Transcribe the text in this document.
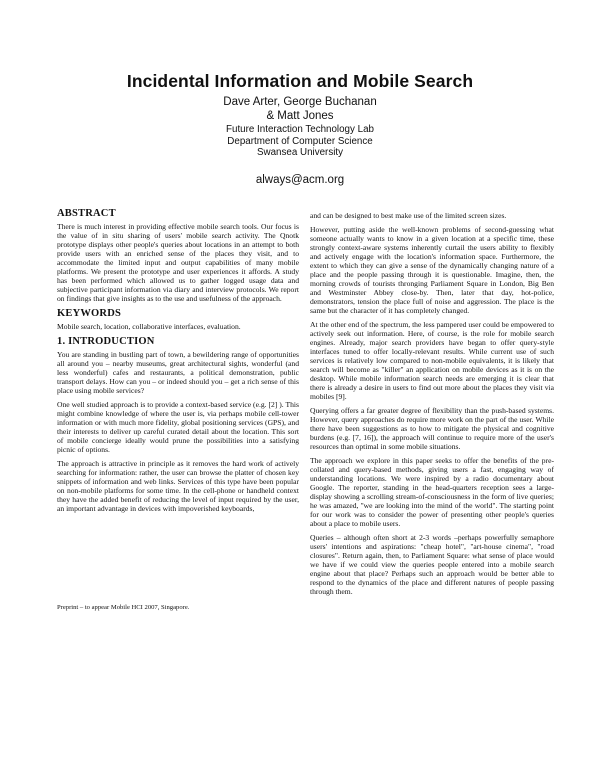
Incidental Information and Mobile Search
Dave Arter, George Buchanan
& Matt Jones
Future Interaction Technology Lab
Department of Computer Science
Swansea University
always@acm.org
ABSTRACT

There is much interest in providing effective mobile search tools. Our focus is the value of in situ sharing of users' mobile search activity. The Qnotk prototype displays other people's queries about locations in an attempt to both provide users with an enriched sense of the places they visit, and to accommodate the limited input and output capabilities of many mobile platforms. We present the prototype and user experiences it affords. A study has been performed which allowed us to gather logged usage data and subjective participant information via diary and interview protocols. We report on findings that give insights as to the use and usefulness of the approach.

KEYWORDS

Mobile search, location, collaborative interfaces, evaluation.

1. INTRODUCTION

You are standing in bustling part of town, a bewildering range of opportunities all around you – nearby museums, great architectural sights, wonderful (and less wonderful) cafes and restaurants, a political demonstration, public transport delays. How can you – or indeed should you – get a rich sense of this place using mobile services?

One well studied approach is to provide a context-based service (e.g. [2] ). This might combine knowledge of where the user is, via perhaps mobile cell-tower information or with much more fidelity, global positioning services (GPS), and their interests to deliver up careful curated detail about the location. This sort of mobile concierge ideally would prune the possibilities into a satisfying picnic of options.

The approach is attractive in principle as it removes the hard work of actively searching for information: rather, the user can browse the platter of chosen key snippets of information and web links. Services of this type have been popular on non-mobile platforms for some time. In the cell-phone or handheld context they have the added benefit of reducing the level of input required by the user, an important advantage in devices with impoverished keyboards,

Preprint – to appear Mobile HCI 2007, Singapore.

and can be designed to best make use of the limited screen sizes.

However, putting aside the well-known problems of second-guessing what someone actually wants to know in a given location at a specific time, these strongly context-aware systems inherently curtail the users ability to flexibly and actively engage with the location's information space. Furthermore, the extent to which they can give a sense of the dynamically changing nature of a place and the people passing through it is questionable. Imagine, then, the morning crowds of tourists thronging Parliament Square in London, Big Ben and Westminster Abbey close-by. Then, later that day, hot-police, demonstrators, tension the place full of noise and aggression. The place is the same but the character of it has completely changed.

At the other end of the spectrum, the less pampered user could be empowered to actively seek out information. Here, of course, is the role for mobile search engines. Already, major search providers have began to offer query-style interfaces tuned to offer locally-relevant results. While current use of such services is relatively low compared to non-mobile equivalents, it is likely that search will become as "killer" an application on mobile devices as it is on the desktop. While mobile information search needs are emerging it is clear that there is already a desire in users to find out more about the places they visit via mobiles [9].

Querying offers a far greater degree of flexibility than the push-based systems. However, query approaches do require more work on the part of the user. While there have been suggestions as to how to mitigate the physical and cognitive burdens (e.g. [7, 16]), the approach will continue to require more of the user's resources than optimal in some mobile situations.

The approach we explore in this paper seeks to offer the benefits of the pre-collated and query-based methods, giving users a fast, engaging way of understanding locations. We were inspired by a radio documentary about Google. The reporter, standing in the head-quarters reception sees a large-display showing a scrolling stream-of-consciousness in the form of live queries; he was amazed, "we are looking into the mind of the world". The starting point for our work was to consider the power of presenting other people's queries about a place to mobile users.

Queries – although often short at 2-3 words –perhaps powerfully semaphore users' intentions and aspirations: "cheap hotel", "art-house cinema", "road closures". Return again, then, to Parliament Square: what sense of place would we have if we could view the queries people entered into a mobile search engine about that place? Perhaps such an approach would be better able to respond to the dynamics of the place and different natures of people passing through them.
